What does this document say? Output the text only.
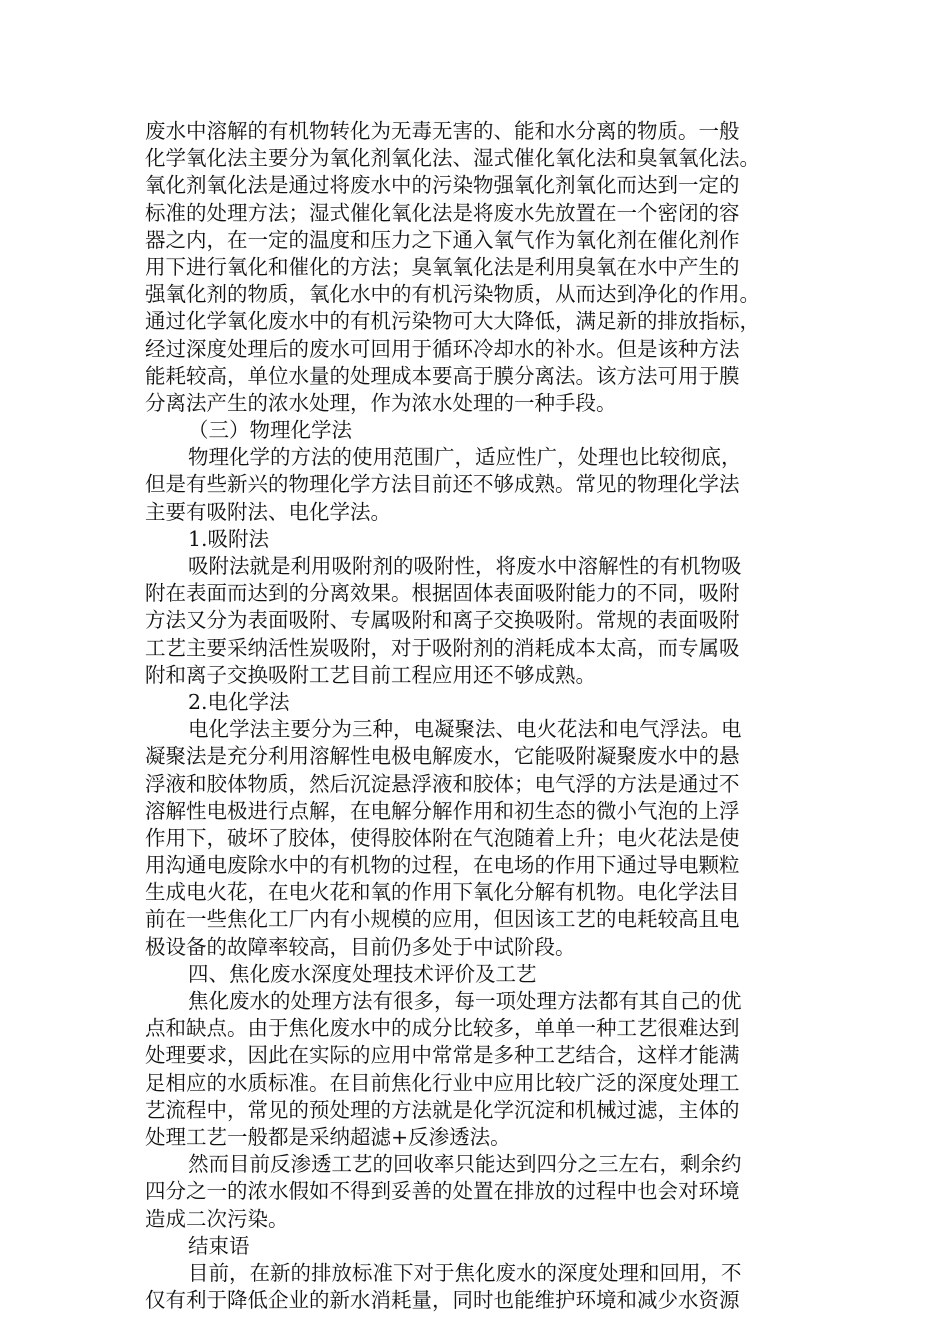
废水中溶解的有机物转化为无毒无害的、能和水分离的物质。一般
化学氧化法主要分为氧化剂氧化法、湿式催化氧化法和臭氧氧化法。
氧化剂氧化法是通过将废水中的污染物强氧化剂氧化而达到一定的
标准的处理方法；湿式催化氧化法是将废水先放置在一个密闭的容
器之内，在一定的温度和压力之下通入氧气作为氧化剂在催化剂作
用下进行氧化和催化的方法；臭氧氧化法是利用臭氧在水中产生的
强氧化剂的物质，氧化水中的有机污染物质，从而达到净化的作用。
通过化学氧化废水中的有机污染物可大大降低，满足新的排放指标，
经过深度处理后的废水可回用于循环冷却水的补水。但是该种方法
能耗较高，单位水量的处理成本要高于膜分离法。该方法可用于膜
分离法产生的浓水处理，作为浓水处理的一种手段。
（三）物理化学法
物理化学的方法的使用范围广，适应性广，处理也比较彻底，
但是有些新兴的物理化学方法目前还不够成熟。常见的物理化学法
主要有吸附法、电化学法。
1.吸附法
吸附法就是利用吸附剂的吸附性，将废水中溶解性的有机物吸
附在表面而达到的分离效果。根据固体表面吸附能力的不同，吸附
方法又分为表面吸附、专属吸附和离子交换吸附。常规的表面吸附
工艺主要采纳活性炭吸附，对于吸附剂的消耗成本太高，而专属吸
附和离子交换吸附工艺目前工程应用还不够成熟。
2.电化学法
电化学法主要分为三种，电凝聚法、电火花法和电气浮法。电
凝聚法是充分利用溶解性电极电解废水，它能吸附凝聚废水中的悬
浮液和胶体物质，然后沉淀悬浮液和胶体；电气浮的方法是通过不
溶解性电极进行点解，在电解分解作用和初生态的微小气泡的上浮
作用下，破坏了胶体，使得胶体附在气泡随着上升；电火花法是使
用沟通电废除水中的有机物的过程，在电场的作用下通过导电颗粒
生成电火花，在电火花和氧的作用下氧化分解有机物。电化学法目
前在一些焦化工厂内有小规模的应用，但因该工艺的电耗较高且电
极设备的故障率较高，目前仍多处于中试阶段。
四、焦化废水深度处理技术评价及工艺
焦化废水的处理方法有很多，每一项处理方法都有其自己的优
点和缺点。由于焦化废水中的成分比较多，单单一种工艺很难达到
处理要求，因此在实际的应用中常常是多种工艺结合，这样才能满
足相应的水质标准。在目前焦化行业中应用比较广泛的深度处理工
艺流程中，常见的预处理的方法就是化学沉淀和机械过滤，主体的
处理工艺一般都是采纳超滤+反渗透法。
然而目前反渗透工艺的回收率只能达到四分之三左右，剩余约
四分之一的浓水假如不得到妥善的处置在排放的过程中也会对环境
造成二次污染。
结束语
目前，在新的排放标准下对于焦化废水的深度处理和回用，不
仅有利于降低企业的新水消耗量，同时也能维护环境和减少水资源
